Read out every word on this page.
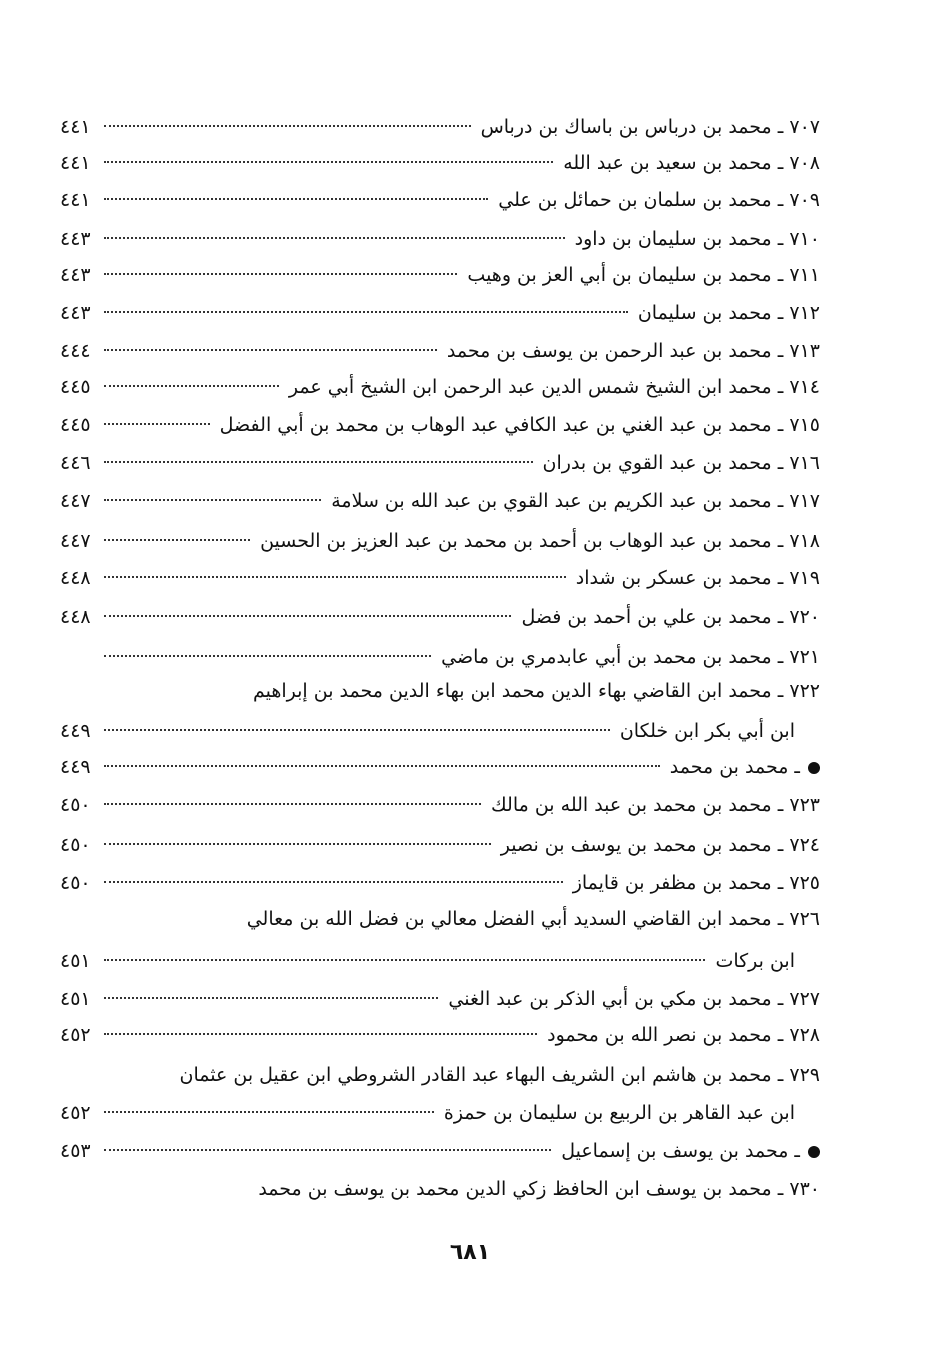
٧٠٧ ـ محمد بن درباس بن باساك بن درباس
٤٤١
٧٠٨ ـ محمد بن سعيد بن عبد الله
٤٤١
٧٠٩ ـ محمد بن سلمان بن حمائل بن علي
٤٤١
٧١٠ ـ محمد بن سليمان بن داود
٤٤٣
٧١١ ـ محمد بن سليمان بن أبي العز بن وهيب
٤٤٣
٧١٢ ـ محمد بن سليمان
٤٤٣
٧١٣ ـ محمد بن عبد الرحمن بن يوسف بن محمد
٤٤٤
٧١٤ ـ محمد ابن الشيخ شمس الدين عبد الرحمن ابن الشيخ أبي عمر
٤٤٥
٧١٥ ـ محمد بن عبد الغني بن عبد الكافي عبد الوهاب بن محمد بن أبي الفضل
٤٤٥
٧١٦ ـ محمد بن عبد القوي بن بدران
٤٤٦
٧١٧ ـ محمد بن عبد الكريم بن عبد القوي بن عبد الله بن سلامة
٤٤٧
٧١٨ ـ محمد بن عبد الوهاب بن أحمد بن محمد بن عبد العزيز بن الحسين
٤٤٧
٧١٩ ـ محمد بن عسكر بن شداد
٤٤٨
٧٢٠ ـ محمد بن علي بن أحمد بن فضل
٤٤٨
٧٢١ ـ محمد بن محمد بن أبي عابدمري بن ماضي
٧٢٢ ـ محمد ابن القاضي بهاء الدين محمد ابن بهاء الدين محمد بن إبراهيم
ابن أبي بكر ابن خلكان
٤٤٩
ـ محمد بن محمد
٤٤٩
٧٢٣ ـ محمد بن محمد بن عبد الله بن مالك
٤٥٠
٧٢٤ ـ محمد بن محمد بن يوسف بن نصير
٤٥٠
٧٢٥ ـ محمد بن مظفر بن قايماز
٤٥٠
٧٢٦ ـ محمد ابن القاضي السديد أبي الفضل معالي بن فضل الله بن معالي
ابن بركات
٤٥١
٧٢٧ ـ محمد بن مكي بن أبي الذكر بن عبد الغني
٤٥١
٧٢٨ ـ محمد بن نصر الله بن محمود
٤٥٢
٧٢٩ ـ محمد بن هاشم ابن الشريف البهاء عبد القادر الشروطي ابن عقيل بن عثمان
ابن عبد القاهر بن الربيع بن سليمان بن حمزة
٤٥٢
ـ محمد بن يوسف بن إسماعيل
٤٥٣
٧٣٠ ـ محمد بن يوسف ابن الحافظ زكي الدين محمد بن يوسف بن محمد
٦٨١
